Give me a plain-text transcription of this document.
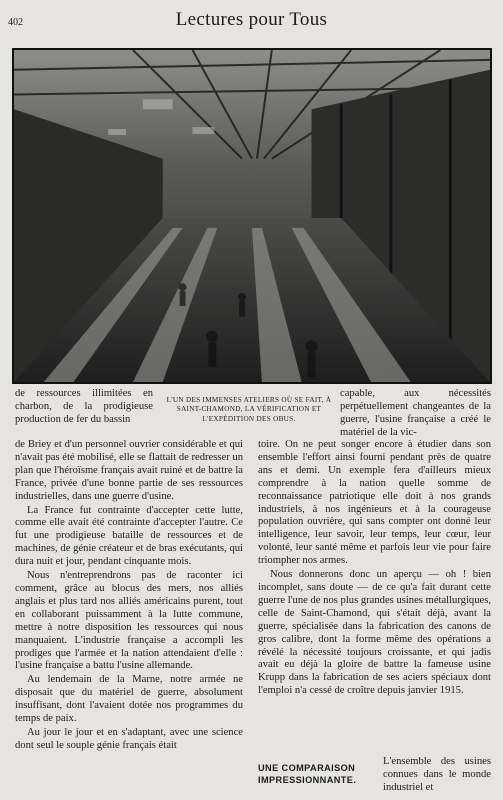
402	Lectures pour Tous

de ressources illimitées en charbon, de la prodigieuse production de fer du bassin

L'UN DES IMMENSES ATELIERS OÙ SE FAIT, À SAINT-CHAMOND, LA VÉRIFICATION ET L'EXPÉDITION DES OBUS.

capable, aux nécessités perpétuellement changeantes de la guerre, l'usine française a créé le matériel de la vic-

de Briey et d'un personnel ouvrier considérable et qui n'avait pas été mobilisé, elle se flattait de redresser un plan que l'héroïsme français avait ruiné et de battre la France, privée d'une bonne partie de ses ressources industrielles, dans une guerre d'usine.

La France fut contrainte d'accepter cette lutte, comme elle avait été contrainte d'accepter l'autre. Ce fut une prodigieuse bataille de ressources et de machines, de génie créateur et de bras exécutants, qui dura nuit et jour, pendant cinquante mois.

Nous n'entreprendrons pas de raconter ici comment, grâce au blocus des mers, nos alliés anglais et plus tard nos alliés américains purent, tout en collaborant puissamment à la lutte commune, mettre à notre disposition les ressources qui nous manquaient. L'industrie française a accompli les prodiges que l'armée et la nation attendaient d'elle : l'usine française a battu l'usine allemande.

Au lendemain de la Marne, notre armée ne disposait que du matériel de guerre, absolument insuffisant, dont l'avaient dotée nos programmes du temps de paix.

Au jour le jour et en s'adaptant, avec une science dont seul le souple génie français était

toire. On ne peut songer encore à étudier dans son ensemble l'effort ainsi fourni pendant près de quatre ans et demi. Un exemple fera d'ailleurs mieux comprendre à la nation quelle somme de reconnaissance patriotique elle doit à nos grands industriels, à nos ingénieurs et à la courageuse population ouvrière, qui sans compter ont donné leur intelligence, leur savoir, leur temps, leur cœur, leur volonté, leur santé même et parfois leur vie pour faire triompher nos armes.

Nous donnerons donc un aperçu — oh ! bien incomplet, sans doute — de ce qu'a fait durant cette guerre l'une de nos plus grandes usines métallurgiques, celle de Saint-Chamond, qui s'était déjà, avant la guerre, spécialisée dans la fabrication des canons de gros calibre, dont la forme même des opérations a révélé la nécessité toujours croissante, et qui jadis avait eu déjà la gloire de battre la fameuse usine Krupp dans la fabrication de ses aciers spéciaux dont l'emploi n'a cessé de croître depuis janvier 1915.

UNE COMPARAISON IMPRESSIONNANTE.
L'ensemble des usines connues dans le monde industriel et
